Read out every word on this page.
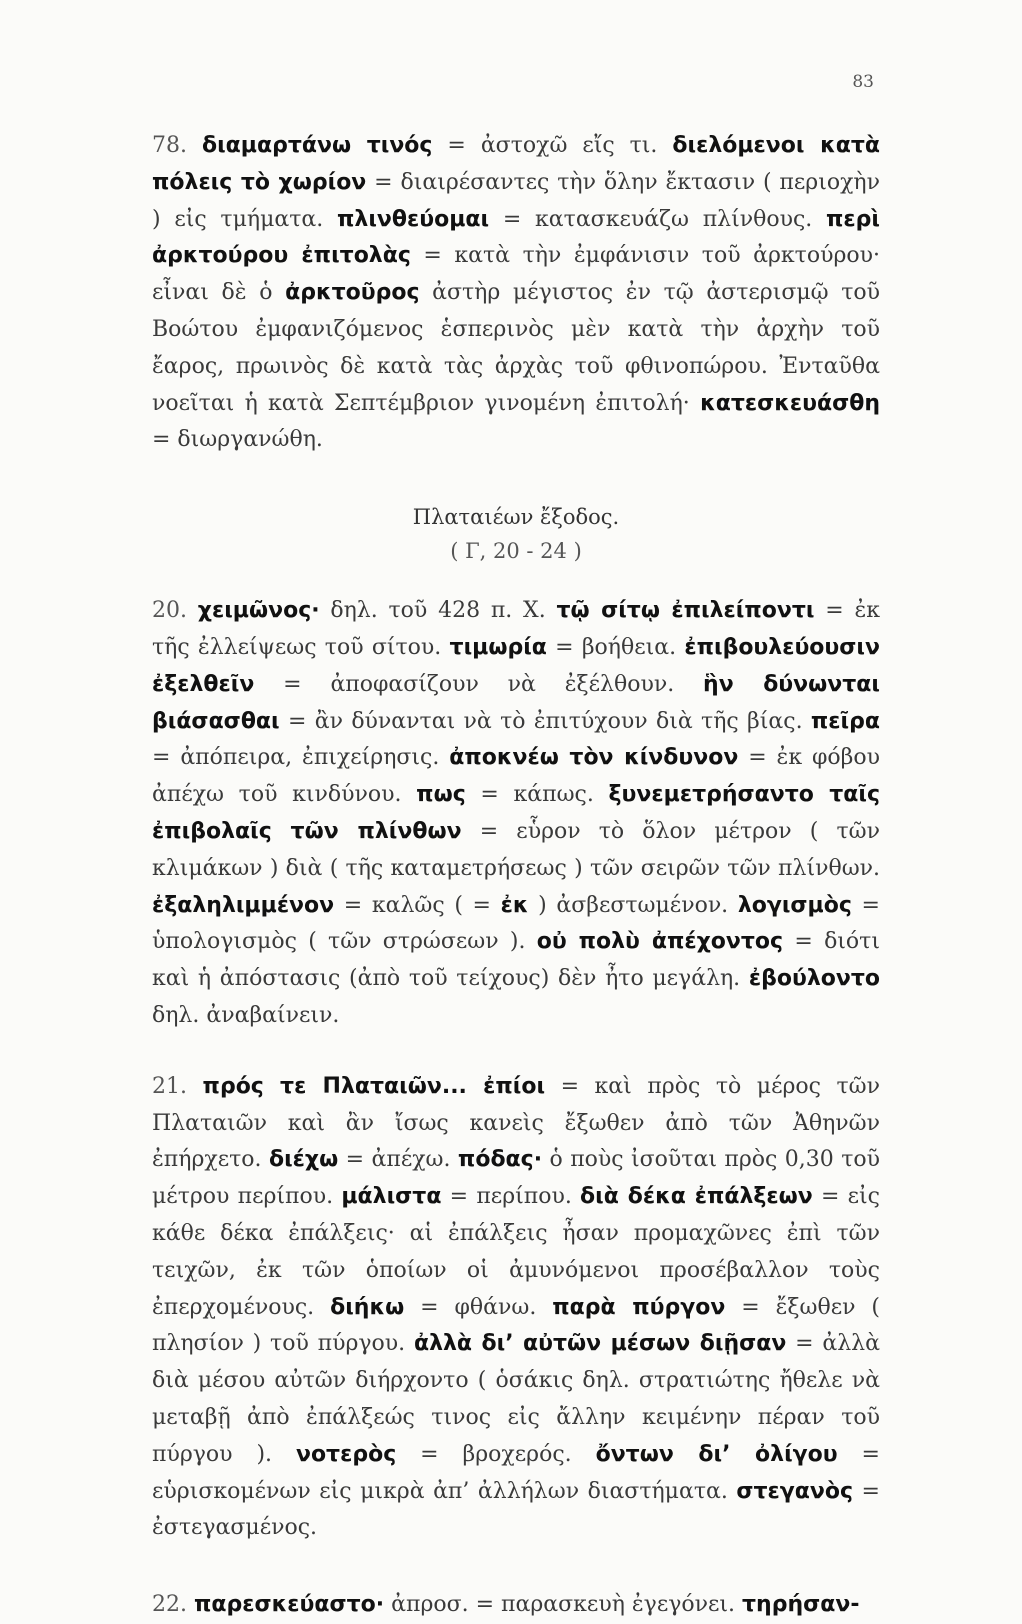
83

78. διαμαρτάνω τινός = ἀστοχῶ εἴς τι. διελόμενοι κατὰ πόλεις τὸ χωρίον = διαιρέσαντες τὴν ὅλην ἔκτασιν ( περιοχὴν ) εἰς τμήματα. πλινθεύομαι = κατασκευάζω πλίνθους. περὶ ἀρκτούρου ἐπιτολὰς = κατὰ τὴν ἐμφάνισιν τοῦ ἀρκτούρου· εἶναι δὲ ὁ ἀρκτοῦρος ἀστὴρ μέγιστος ἐν τῷ ἀστερισμῷ τοῦ Βοώτου ἐμφανιζόμενος ἑσπερινὸς μὲν κατὰ τὴν ἀρχὴν τοῦ ἔαρος, πρωινὸς δὲ κατὰ τὰς ἀρχὰς τοῦ φθινοπώρου. Ἐνταῦθα νοεῖται ἡ κατὰ Σεπτέμβριον γινομένη ἐπιτολή· κατεσκευάσθη = διωργανώθη.

Πλαταιέων ἔξοδος.
( Γ, 20 - 24 )

20. χειμῶνος· δηλ. τοῦ 428 π. Χ. τῷ σίτῳ ἐπιλείποντι = ἐκ τῆς ἐλλείψεως τοῦ σίτου. τιμωρία = βοήθεια. ἐπιβουλεύουσιν ἐξελθεῖν = ἀποφασίζουν νὰ ἐξέλθουν. ἣν δύνωνται βιάσασθαι = ἂν δύνανται νὰ τὸ ἐπιτύχουν διὰ τῆς βίας. πεῖρα = ἀπόπειρα, ἐπιχείρησις. ἀποκνέω τὸν κίνδυνον = ἐκ φόβου ἀπέχω τοῦ κινδύνου. πως = κάπως. ξυνεμετρήσαντο ταῖς ἐπιβολαῖς τῶν πλίνθων = εὗρον τὸ ὅλον μέτρον ( τῶν κλιμάκων ) διὰ ( τῆς καταμετρήσεως ) τῶν σειρῶν τῶν πλίνθων. ἐξαληλιμμένον = καλῶς ( = ἐκ ) ἀσβεστωμένον. λογισμὸς = ὑπολογισμὸς ( τῶν στρώσεων ). οὐ πολὺ ἀπέχοντος = διότι καὶ ἡ ἀπόστασις (ἀπὸ τοῦ τείχους) δὲν ἦτο μεγάλη. ἐβούλοντο δηλ. ἀναβαίνειν.

21. πρός τε Πλαταιῶν... ἐπίοι = καὶ πρὸς τὸ μέρος τῶν Πλαταιῶν καὶ ἂν ἴσως κανεὶς ἔξωθεν ἀπὸ τῶν Ἀθηνῶν ἐπήρχετο. διέχω = ἀπέχω. πόδας· ὁ ποὺς ἰσοῦται πρὸς 0,30 τοῦ μέτρου περίπου. μάλιστα = περίπου. διὰ δέκα ἐπάλξεων = εἰς κάθε δέκα ἐπάλξεις· αἱ ἐπάλξεις ἦσαν προμαχῶνες ἐπὶ τῶν τειχῶν, ἐκ τῶν ὁποίων οἱ ἀμυνόμενοι προσέβαλλον τοὺς ἐπερχομένους. διήκω = φθάνω. παρὰ πύργον = ἔξωθεν ( πλησίον ) τοῦ πύργου. ἀλλὰ δι’ αὐτῶν μέσων διῇσαν = ἀλλὰ διὰ μέσου αὐτῶν διήρχοντο ( ὁσάκις δηλ. στρατιώτης ἤθελε νὰ μεταβῇ ἀπὸ ἐπάλξεώς τινος εἰς ἄλλην κειμένην πέραν τοῦ πύργου ). νοτερὸς = βροχερός. ὄντων δι’ ὀλίγου = εὑρισκομένων εἰς μικρὰ ἀπ’ ἀλλήλων διαστήματα. στεγανὸς = ἐστεγασμένος.

22. παρεσκεύαστο· ἀπροσ. = παρασκευὴ ἐγεγόνει. τηρήσαν-
